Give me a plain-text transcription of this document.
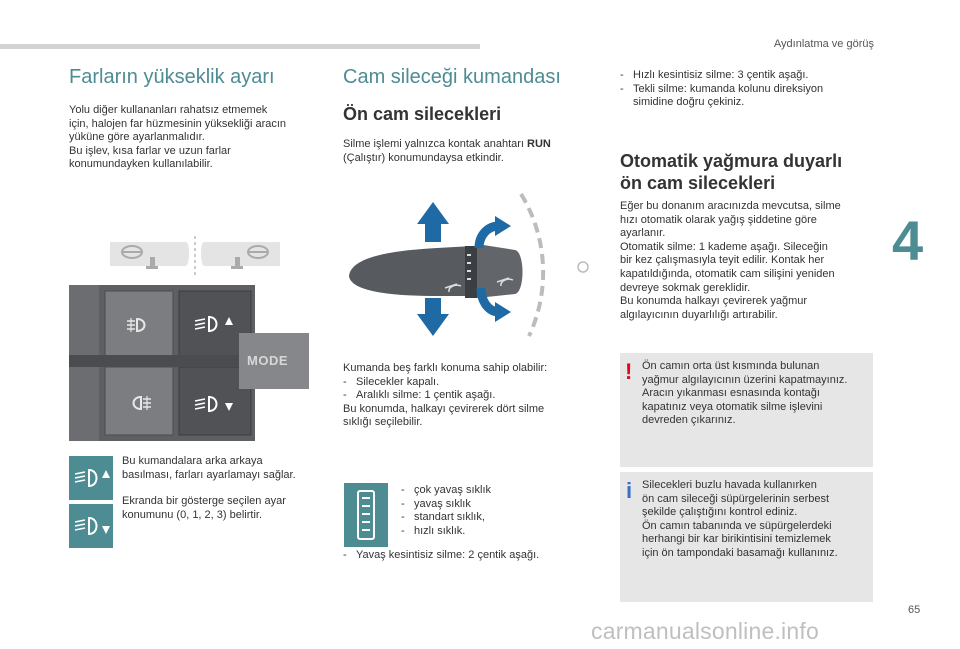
Aydınlatma ve görüş
4
65
carmanualsonline.info
Farların yükseklik ayarı

Yolu diğer kullananları rahatsız etmemek

için, halojen far hüzmesinin yüksekliği aracın

yüküne göre ayarlanmalıdır.

Bu işlev, kısa farlar ve uzun farlar

konumundayken kullanılabilir.

MODE

Bu kumandalara arka arkaya

basılması, farları ayarlamayı sağlar.

Ekranda bir gösterge seçilen ayar

konumunu (0, 1, 2, 3) belirtir.

Cam sileceği kumandası
Ön cam silecekleri

Silme işlemi yalnızca kontak anahtarı RUN

(Çalıştır) konumundaysa etkindir.

Kumanda beş farklı konuma sahip olabilir:

- Silecekler kapalı.
- Aralıklı silme: 1 çentik aşağı.

Bu konumda, halkayı çevirerek dört silme

sıklığı seçilebilir.

- çok yavaş sıklık
- yavaş sıklık
- standart sıklık,
- hızlı sıklık.
- Yavaş kesintisiz silme: 2 çentik aşağı.
- Hızlı kesintisiz silme: 3 çentik aşağı.
- Tekli silme: kumanda kolunu direksiyon
simidine doğru çekiniz.
Otomatik yağmura duyarlı
ön cam silecekleri

Eğer bu donanım aracınızda mevcutsa, silme

hızı otomatik olarak yağış şiddetine göre

ayarlanır.

Otomatik silme: 1 kademe aşağı. Sileceğin

bir kez çalışmasıyla teyit edilir. Kontak her

kapatıldığında, otomatik cam silişini yeniden

devreye sokmak gereklidir.

Bu konumda halkayı çevirerek yağmur

algılayıcının duyarlılığı artırabilir.

! Ön camın orta üst kısmında bulunan

yağmur algılayıcının üzerini kapatmayınız.

Aracın yıkanması esnasında kontağı

kapatınız veya otomatik silme işlevini

devreden çıkarınız.

i Silecekleri buzlu havada kullanırken

ön cam sileceği süpürgelerinin serbest

şekilde çalıştığını kontrol ediniz.

Ön camın tabanında ve süpürgelerdeki

herhangi bir kar birikintisini temizlemek

için ön tampondaki basamağı kullanınız.
